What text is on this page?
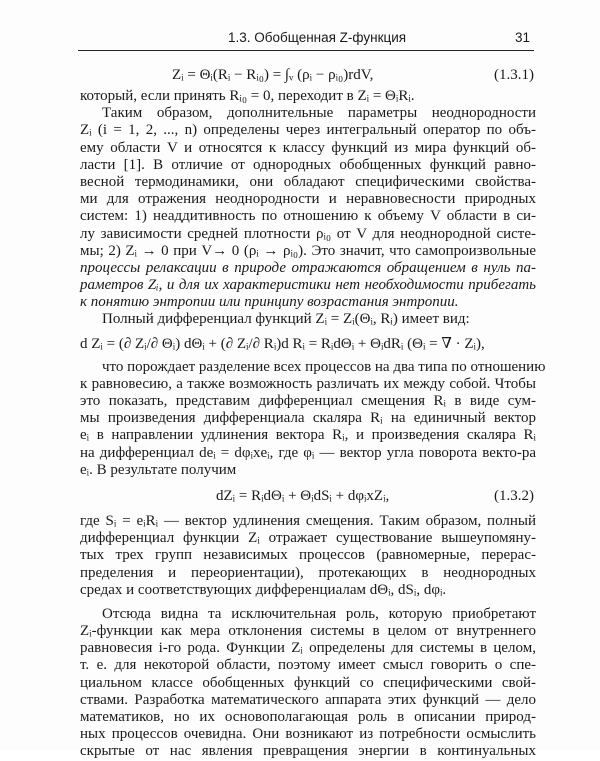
1.3. Обобщенная Z-функция	31
Zᵢ = Θᵢ(Rᵢ − Rᵢ₀) = ∫ᵥ (ρᵢ − ρᵢ₀)rdV,	(1.3.1)
который, если принять Rᵢ₀ = 0, переходит в Zᵢ = ΘᵢRᵢ.
Таким образом, дополнительные параметры неоднородности
Zᵢ (i = 1, 2, ..., n) определены через интегральный оператор по объ-
ему области V и относятся к классу функций из мира функций об-
ласти [1]. В отличие от однородных обобщенных функций равно-
весной термодинамики, они обладают специфическими свойства-
ми для отражения неоднородности и неравновесности природных
систем: 1) неаддитивность по отношению к объему V области в си-
лу зависимости средней плотности ρᵢ₀ от V для неоднородной систе-
мы; 2) Zᵢ → 0 при V→ 0 (ρᵢ → ρᵢ₀). Это значит, что самопроизвольные
процессы релаксации в природе отражаются обращением в нуль па-
раметров Zᵢ, и для их характеристики нет необходимости прибегать
к понятию энтропии или принципу возрастания энтропии.
Полный дифференциал функций Zᵢ = Zᵢ(Θᵢ, Rᵢ) имеет вид:
d Zᵢ = (∂ Zᵢ/∂ Θᵢ) dΘᵢ + (∂ Zᵢ/∂ Rᵢ)d Rᵢ = RᵢdΘᵢ + ΘᵢdRᵢ (Θᵢ = ∇ · Zᵢ),
что порождает разделение всех процессов на два типа по отношению
к равновесию, а также возможность различать их между собой. Чтобы
это показать, представим дифференциал смещения Rᵢ в виде сум-
мы произведения дифференциала скаляра Rᵢ на единичный вектор
eᵢ в направлении удлинения вектора Rᵢ, и произведения скаляра Rᵢ
на дифференциал deᵢ = dφᵢxeᵢ, где φᵢ — вектор угла поворота векто-ра
eᵢ. В результате получим
dZᵢ = RᵢdΘᵢ + ΘᵢdSᵢ + dφᵢxZᵢ,	(1.3.2)
где Sᵢ = eᵢRᵢ — вектор удлинения смещения. Таким образом, полный
дифференциал функции Zᵢ отражает существование вышеупомяну-
тых трех групп независимых процессов (равномерные, перерас-
пределения и переориентации), протекающих в неоднородных
средах и соответствующих дифференциалам dΘᵢ, dSᵢ, dφᵢ.
Отсюда видна та исключительная роль, которую приобретают
Zᵢ-функции как мера отклонения системы в целом от внутреннего
равновесия i-го рода. Функции Zᵢ определены для системы в целом,
т. е. для некоторой области, поэтому имеет смысл говорить о спе-
циальном классе обобщенных функций со специфическими свой-
ствами. Разработка математического аппарата этих функций — дело
математиков, но их основополагающая роль в описании природ-
ных процессов очевидна. Они возникают из потребности осмыслить
скрытые от нас явления превращения энергии в континуальных
